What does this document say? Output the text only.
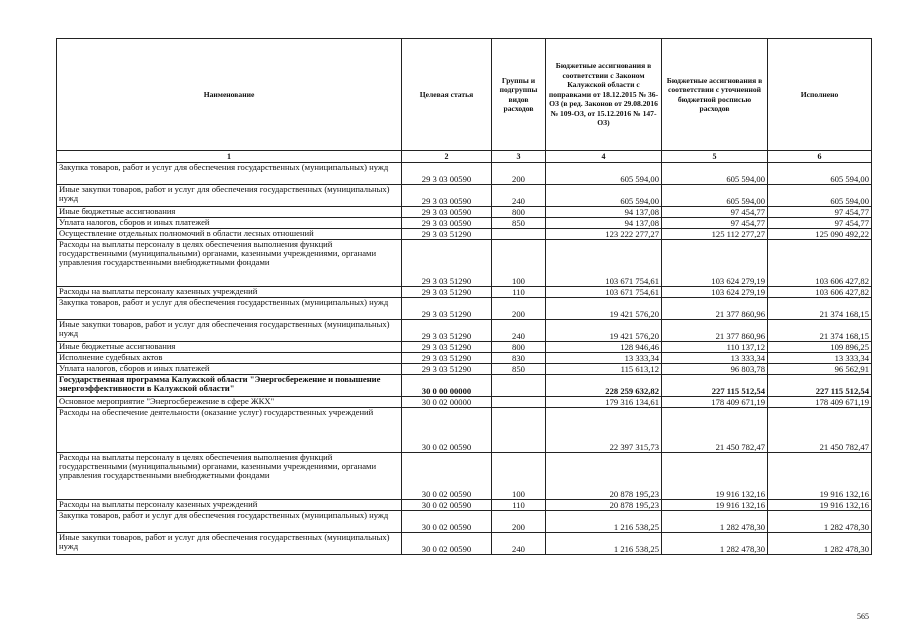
Наименование	Целевая статья	Группы и подгруппы видов расходов	Бюджетные ассигнования в соответствии с Законом Калужской области с поправками от 18.12.2015 № 36-ОЗ (в ред. Законов от 29.08.2016 № 109-ОЗ, от 15.12.2016 № 147-ОЗ)	Бюджетные ассигнования в соответствии с уточненной бюджетной росписью расходов	Исполнено
1	2	3	4	5	6
Закупка товаров, работ и услуг для обеспечения государственных (муниципальных) нужд	29 3 03 00590	200	605 594,00	605 594,00	605 594,00
Иные закупки товаров, работ и услуг для обеспечения государственных (муниципальных) нужд	29 3 03 00590	240	605 594,00	605 594,00	605 594,00
Иные бюджетные ассигнования	29 3 03 00590	800	94 137,08	97 454,77	97 454,77
Уплата налогов, сборов и иных платежей	29 3 03 00590	850	94 137,08	97 454,77	97 454,77
Осуществление отдельных полномочий в области лесных отношений	29 3 03 51290		123 222 277,27	125 112 277,27	125 090 492,22
Расходы на выплаты персоналу в целях обеспечения выполнения функций государственными (муниципальными) органами, казенными учреждениями, органами управления государственными внебюджетными фондами	29 3 03 51290	100	103 671 754,61	103 624 279,19	103 606 427,82
Расходы на выплаты персоналу казенных учреждений	29 3 03 51290	110	103 671 754,61	103 624 279,19	103 606 427,82
Закупка товаров, работ и услуг для обеспечения государственных (муниципальных) нужд	29 3 03 51290	200	19 421 576,20	21 377 860,96	21 374 168,15
Иные закупки товаров, работ и услуг для обеспечения государственных (муниципальных) нужд	29 3 03 51290	240	19 421 576,20	21 377 860,96	21 374 168,15
Иные бюджетные ассигнования	29 3 03 51290	800	128 946,46	110 137,12	109 896,25
Исполнение судебных актов	29 3 03 51290	830	13 333,34	13 333,34	13 333,34
Уплата налогов, сборов и иных платежей	29 3 03 51290	850	115 613,12	96 803,78	96 562,91
Государственная программа Калужской области "Энергосбережение и повышение энергоэффективности в Калужской области"	30 0 00 00000		228 259 632,82	227 115 512,54	227 115 512,54
Основное мероприятие "Энергосбережение в сфере ЖКХ"	30 0 02 00000		179 316 134,61	178 409 671,19	178 409 671,19
Расходы на обеспечение деятельности (оказание услуг) государственных учреждений	30 0 02 00590		22 397 315,73	21 450 782,47	21 450 782,47
Расходы на выплаты персоналу в целях обеспечения выполнения функций государственными (муниципальными) органами, казенными учреждениями, органами управления государственными внебюджетными фондами	30 0 02 00590	100	20 878 195,23	19 916 132,16	19 916 132,16
Расходы на выплаты персоналу казенных учреждений	30 0 02 00590	110	20 878 195,23	19 916 132,16	19 916 132,16
Закупка товаров, работ и услуг для обеспечения государственных (муниципальных) нужд	30 0 02 00590	200	1 216 538,25	1 282 478,30	1 282 478,30
Иные закупки товаров, работ и услуг для обеспечения государственных (муниципальных) нужд	30 0 02 00590	240	1 216 538,25	1 282 478,30	1 282 478,30
565
